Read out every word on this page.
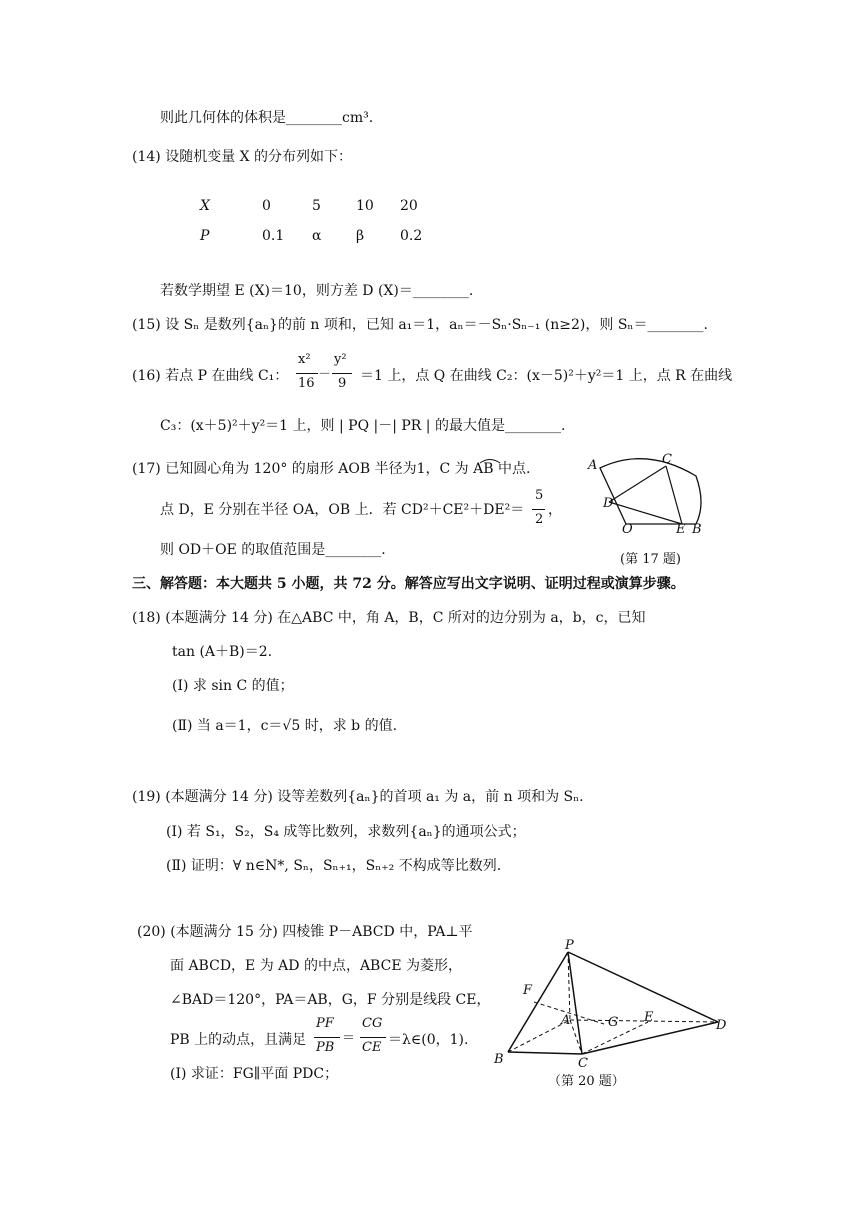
则此几何体的体积是________cm³.
(14) 设随机变量 X 的分布列如下：
X	0	5	10 20
P	0.1 α β	0.2
若数学期望 E (X)＝10，则方差 D (X)＝________.
(15) 设 Sₙ 是数列{aₙ}的前 n 项和，已知 a₁＝1，aₙ＝－Sₙ·Sₙ₋₁ (n≥2)，则 Sₙ＝________.
(16) 若点 P 在曲线 C₁：
x²
16
－
y²
9 ＝1 上，点 Q 在曲线 C₂：(x－5)²＋y²＝1 上，点 R 在曲线
C₃：(x＋5)²＋y²＝1 上，则 | PQ |－| PR | 的最大值是________.
(17) 已知圆心角为 120° 的扇形 AOB 半径为1，C 为 AB 中点.
点 D，E 分别在半径 OA，OB 上．若 CD²＋CE²＋DE²＝
5
2
，
则 OD＋OE 的取值范围是________.
A	C
D
O	E B
(第 17 题)
三、解答题：本大题共 5 小题，共 72 分。解答应写出文字说明、证明过程或演算步骤。
(18) (本题满分 14 分) 在△ABC 中，角 A，B，C 所对的边分别为 a，b，c，已知
tan (A＋B)＝2.
(Ⅰ) 求 sin C 的值；
(Ⅱ) 当 a＝1，c＝√5 时，求 b 的值.
(19) (本题满分 14 分) 设等差数列{aₙ}的首项 a₁ 为 a，前 n 项和为 Sₙ.
(Ⅰ) 若 S₁，S₂，S₄ 成等比数列，求数列{aₙ}的通项公式；
(Ⅱ) 证明：∀ n∈N*, Sₙ，Sₙ₊₁，Sₙ₊₂ 不构成等比数列.
(20) (本题满分 15 分) 四棱锥 P－ABCD 中，PA⊥平
面 ABCD，E 为 AD 的中点，ABCE 为菱形，
∠BAD＝120°，PA＝AB，G，F 分别是线段 CE，
PB 上的动点，且满足
PF
PB
＝
CG
CE ＝λ∈(0，1).
(Ⅰ) 求证：FG∥平面 PDC；
P
F
A	G E
D
B	C
（第 20 题）
